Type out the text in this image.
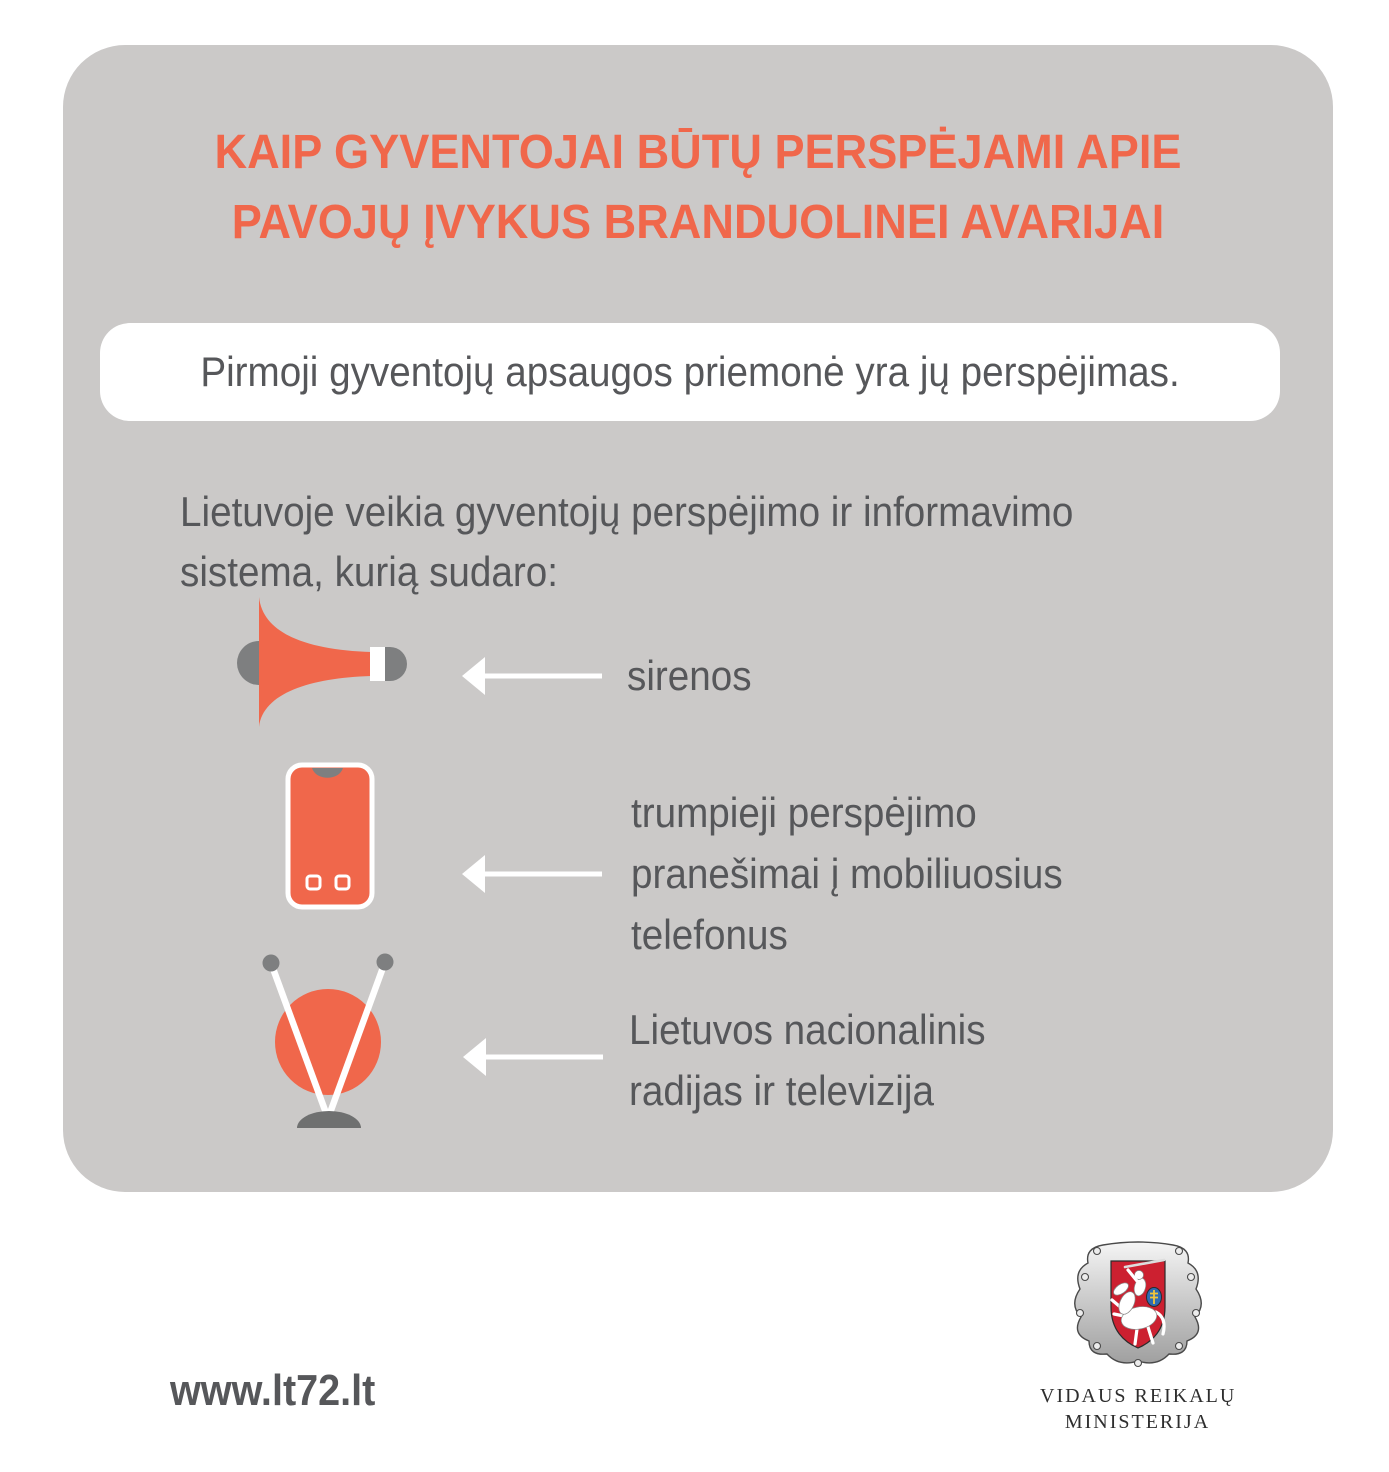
KAIP GYVENTOJAI BŪTŲ PERSPĖJAMI APIE
PAVOJŲ ĮVYKUS BRANDUOLINEI AVARIJAI

Pirmoji gyventojų apsaugos priemonė yra jų perspėjimas.

Lietuvoje veikia gyventojų perspėjimo ir informavimo
sistema, kurią sudaro:

sirenos

trumpieji perspėjimo
pranešimai į mobiliuosius
telefonus

Lietuvos nacionalinis
radijas ir televizija

www.lt72.lt	VIDAUS REIKALŲ
MINISTERIJA
